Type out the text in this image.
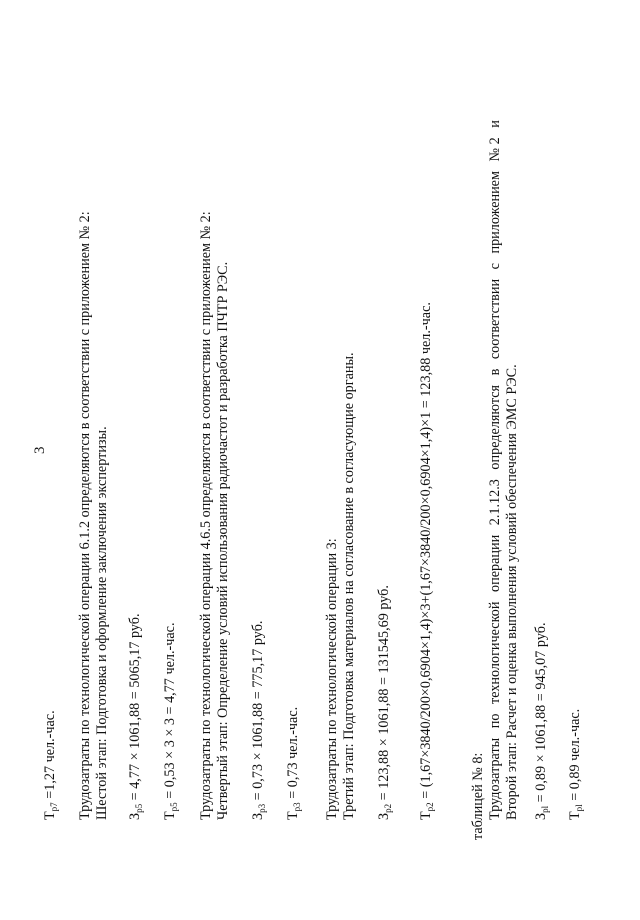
3
$Т_{рl} = 0,89$ чел.-час.
$З_{рl} = 0,89 \times 1061,88 = 945,07$ руб.
Второй этап: Расчет и оценка выполнения условий обеспечения ЭМС РЭС.
Трудозатраты
по
технологической
операции
2.1.12.3
определяются
в
соответствии
с
приложением
№ 2
и
таблицей № 8:
$Т_{р2} = (1,67\times 3840/200\times 0,6904\times 1,4)\times 3+(1,67\times 3840/200\times 0,6904\times 1,4)\times 1 = 123,88$ чел.-час.
$З_{р2} = 123,88 \times 1061,88 = 131545,69$ руб.
Третий этап: Подготовка материалов на согласование в согласующие органы.
Трудозатраты по технологической операции 3:
$Т_{р3} = 0,73$ чел.-час.
$З_{р3} = 0,73 \times 1061,88 = 775,17$ руб.
Четвертый этап: Определение условий использования радиочастот и разработка ПЧТР РЭС.
Трудозатраты по технологической операции 4.6.5 определяются в соответствии с приложением № 2:
$Т_{р5} = 0,53 \times 3 \times 3 = 4,77$ чел.-час.
$З_{р5} = 4,77 \times 1061,88 = 5065,17$ руб.
Шестой этап: Подготовка и оформление заключения экспертизы.
Трудозатраты по технологической операции 6.1.2 определяются в соответствии с приложением № 2:
$Т_{р7} =1,27$ чел.-час.
